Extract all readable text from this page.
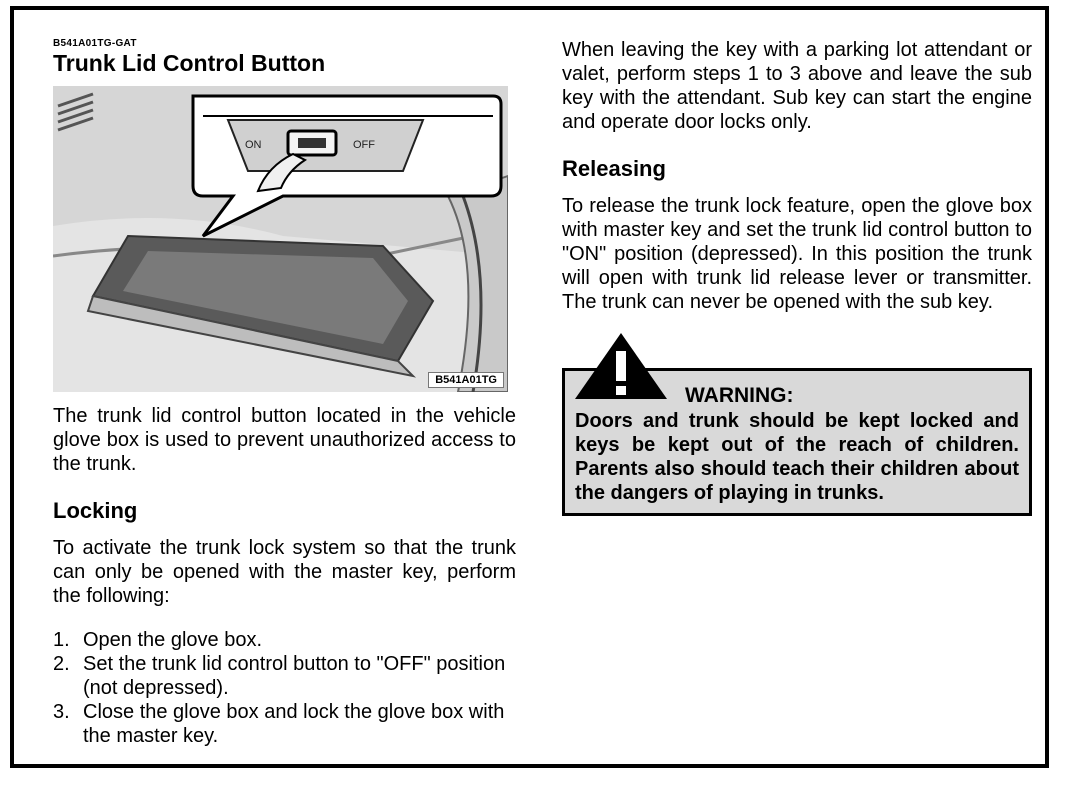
B541A01TG-GAT
Trunk Lid Control Button
ON	OFF
B541A01TG

The trunk lid control button located in the vehicle glove box is used to prevent unauthorized access to the trunk.

Locking

To activate the trunk lock system so that the trunk can only be opened with the master key, perform the following:

1. Open the glove box.
2. Set the trunk lid control button to "OFF" position (not depressed).
3. Close the glove box and lock the glove box with the master key.

When leaving the key with a parking lot attendant or valet, perform steps 1 to 3 above and leave the sub key with the attendant. Sub key can start the engine and operate door locks only.

Releasing

To release the trunk lock feature, open the glove box with master key and set the trunk lid control button to "ON" position (depressed). In this position the trunk will open with trunk lid release lever or transmitter. The trunk can never be opened with the sub key.

WARNING:
Doors and trunk should be kept locked and keys be kept out of the reach of children. Parents also should teach their children about the dangers of playing in trunks.
